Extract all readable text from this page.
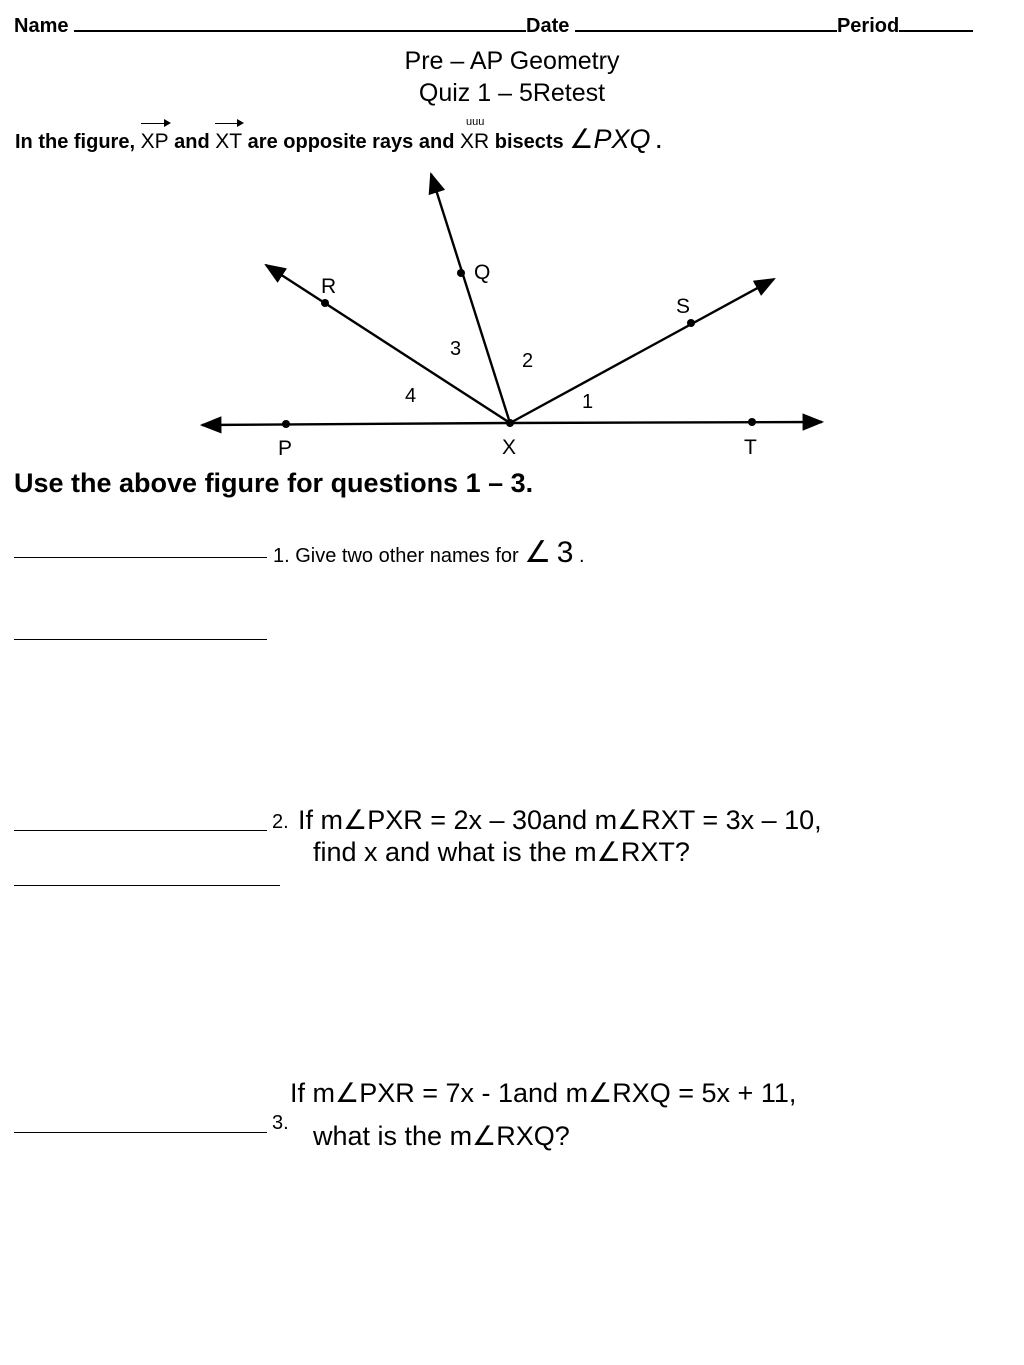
Name	Date	Period
Pre – AP Geometry
Quiz 1 – 5Retest
In the figure, XP and XT are opposite rays and
uuu
XR bisects ∠PXQ .
R
Q
S
P	X	T
1
2
3
4
Use the above figure for questions 1 – 3.
1. Give two other names for ∠ 3 .
2. If m∠PXR = 2x – 30and m∠RXT = 3x – 10,
find x and what is the m∠RXT?
If m∠PXR = 7x - 1and m∠RXQ = 5x + 11,
3. what is the m∠RXQ?
